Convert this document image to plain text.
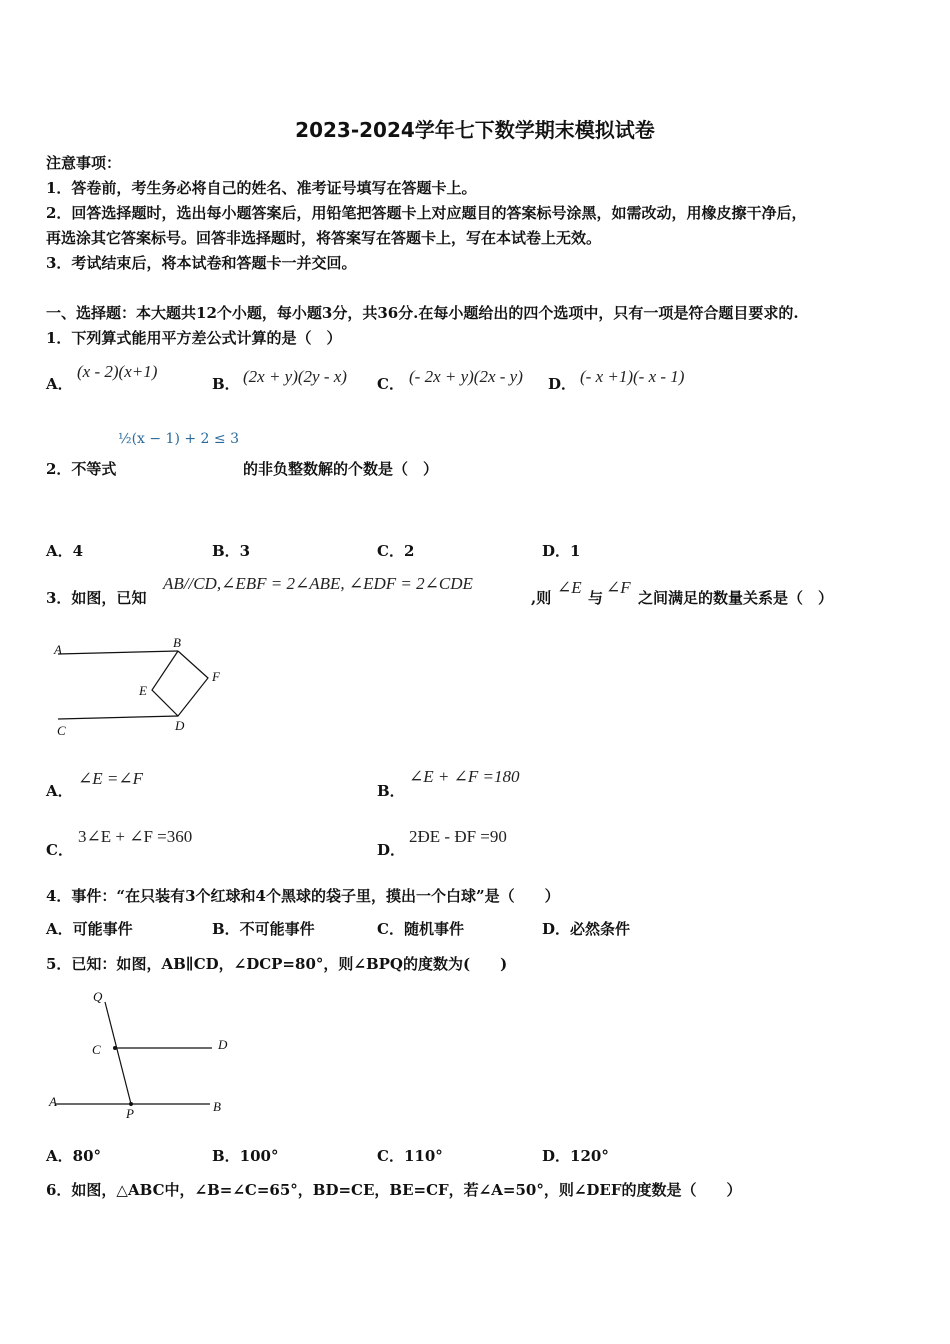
2023-2024学年七下数学期末模拟试卷
注意事项：
1．答卷前，考生务必将自己的姓名、准考证号填写在答题卡上。
2．回答选择题时，选出每小题答案后，用铅笔把答题卡上对应题目的答案标号涂黑，如需改动，用橡皮擦干净后，
再选涂其它答案标号。回答非选择题时，将答案写在答题卡上，写在本试卷上无效。
3．考试结束后，将本试卷和答题卡一并交回。
一、选择题：本大题共12个小题，每小题3分，共36分.在每小题给出的四个选项中，只有一项是符合题目要求的.
1．下列算式能用平方差公式计算的是（　）
A．
(x - 2)(x+1)
B． (2x + y)(2y - x) C． (- 2x + y)(2x - y) D． (- x +1)(- x - 1)
½(x − 1) + 2 ≤ 3
2．不等式	的非负整数解的个数是（　）
A．4	B．3	C．2	D．1
3．如图，已知
AB//CD,∠EBF = 2∠ABE, ∠EDF = 2∠CDE
,则
∠E
与
∠F
之间满足的数量关系是（　）
A	B
E
F
D
C
A．
∠E =∠F
B．
∠E + ∠F =180
C．
3∠E + ∠F =360
D．
2ÐE - ÐF =90
4．事件：“在只装有3个红球和4个黑球的袋子里，摸出一个白球”是（　　）
A．可能事件	B．不可能事件	C．随机事件	D．必然条件
5．已知：如图，AB∥CD，∠DCP=80°，则∠BPQ的度数为(　　)
Q
C	D
A
P	B
A．80°	B．100°	C．110°	D．120°
6．如图，△ABC中，∠B=∠C=65°，BD=CE，BE=CF，若∠A=50°，则∠DEF的度数是（　　）
